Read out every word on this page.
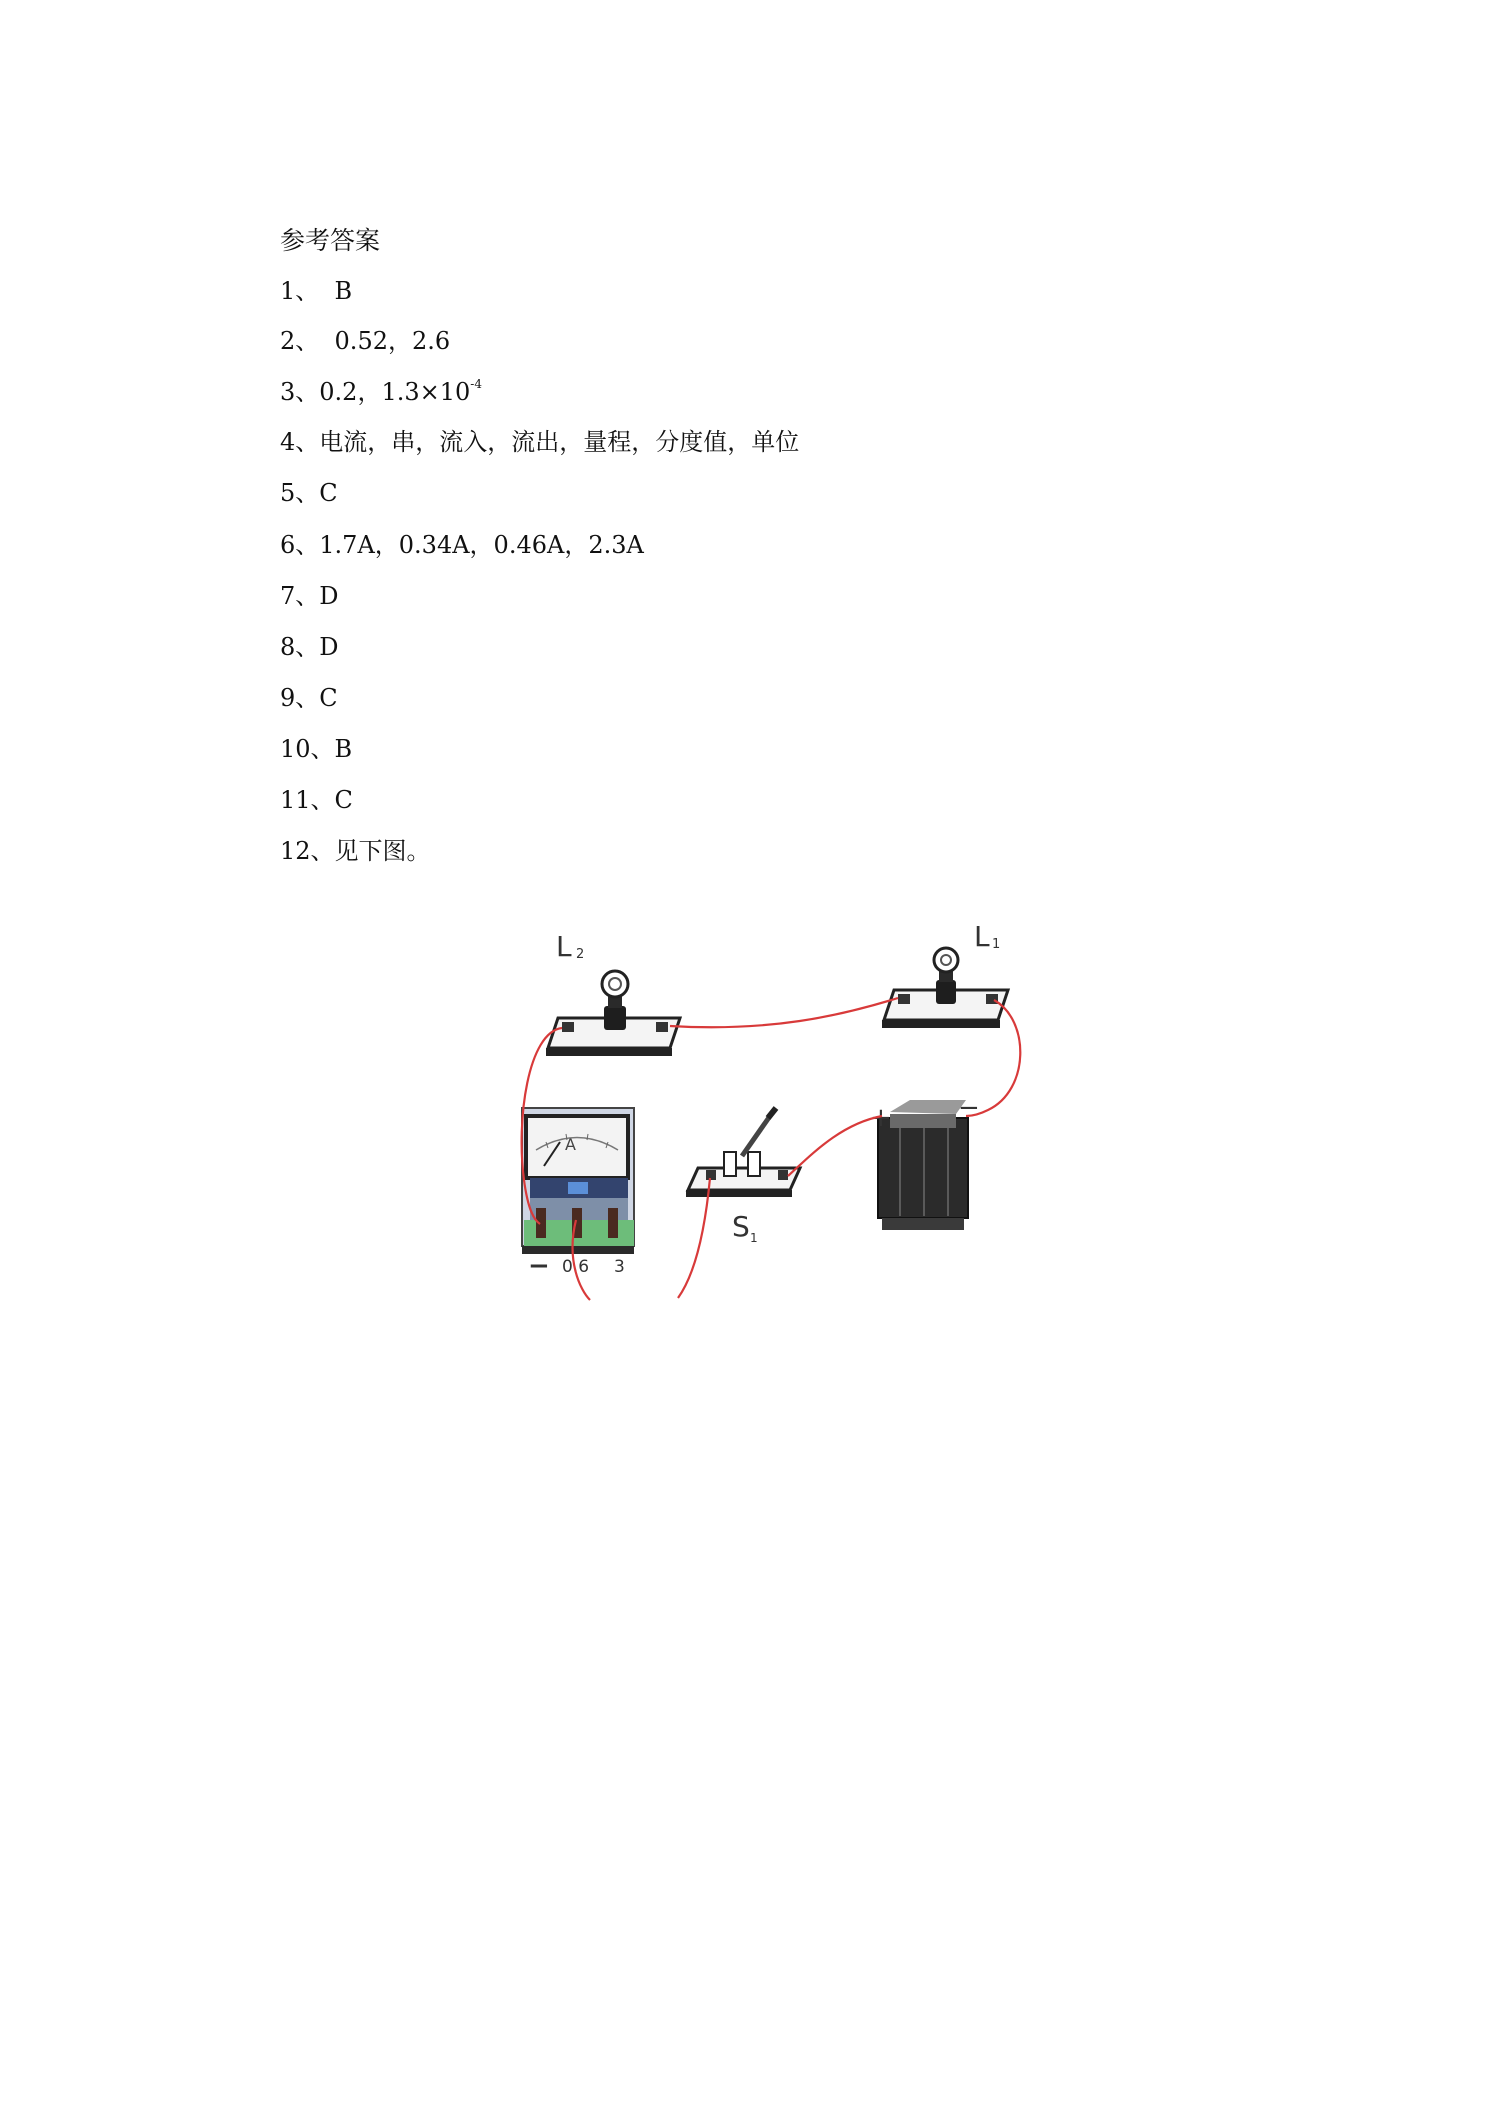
参考答案
1、  B
2、  0.52，2.6
3、0.2，$1.3\times 10^{-4}$
4、电流，串，流入，流出，量程，分度值，单位
5、C
6、1.7A，0.34A，0.46A，2.3A
7、D
8、D
9、C
10、B
11、C
12、见下图。
L 2
L 1
A
− 0.6 3
S 1
+	−
